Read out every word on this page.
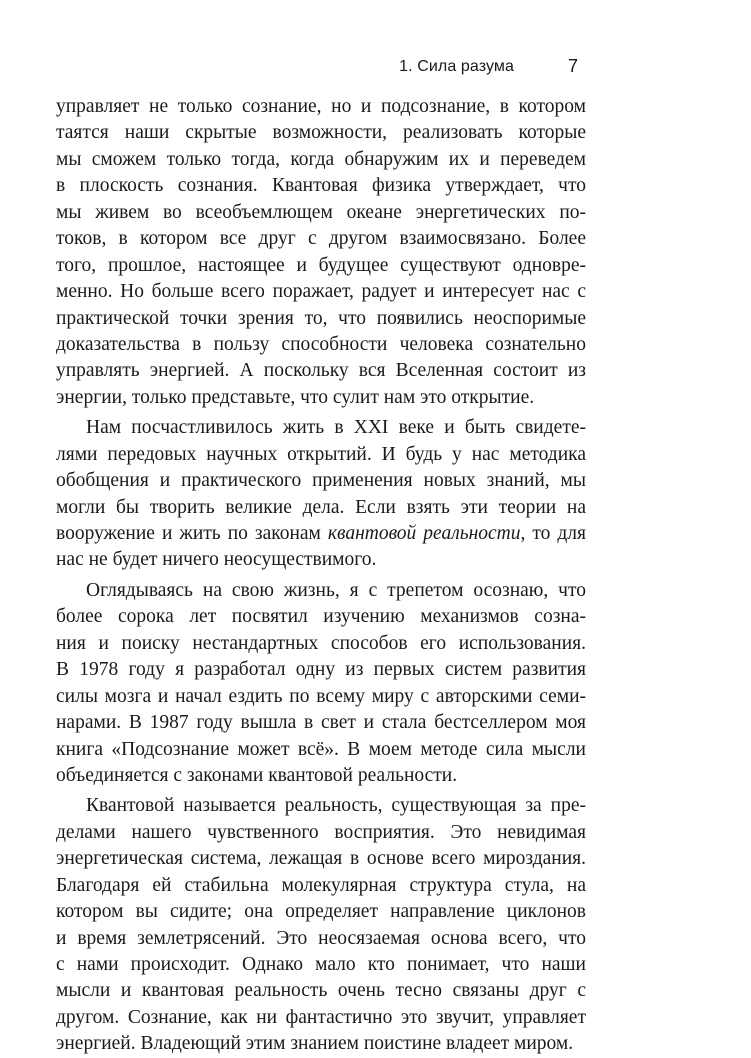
1. Сила разума	7

управляет не только сознание, но и подсознание, в котором
таятся наши скрытые возможности, реализовать которые
мы сможем только тогда, когда обнаружим их и переведем
в плоскость сознания. Квантовая физика утверждает, что
мы живем во всеобъемлющем океане энергетических по-
токов, в котором все друг с другом взаимосвязано. Более
того, прошлое, настоящее и будущее существуют одновре-
менно. Но больше всего поражает, радует и интересует нас с
практической точки зрения то, что появились неоспоримые
доказательства в пользу способности человека сознательно
управлять энергией. А поскольку вся Вселенная состоит из
энергии, только представьте, что сулит нам это открытие.

Нам посчастливилось жить в XXI веке и быть свидете-
лями передовых научных открытий. И будь у нас методика
обобщения и практического применения новых знаний, мы
могли бы творить великие дела. Если взять эти теории на
вооружение и жить по законам квантовой реальности, то для
нас не будет ничего неосуществимого.

Оглядываясь на свою жизнь, я с трепетом осознаю, что
более сорока лет посвятил изучению механизмов созна-
ния и поиску нестандартных способов его использования.
В 1978 году я разработал одну из первых систем развития
силы мозга и начал ездить по всему миру с авторскими семи-
нарами. В 1987 году вышла в свет и стала бестселлером моя
книга «Подсознание может всё». В моем методе сила мысли
объединяется с законами квантовой реальности.

Квантовой называется реальность, существующая за пре-
делами нашего чувственного восприятия. Это невидимая
энергетическая система, лежащая в основе всего мироздания.
Благодаря ей стабильна молекулярная структура стула, на
котором вы сидите; она определяет направление циклонов
и время землетрясений. Это неосязаемая основа всего, что
с нами происходит. Однако мало кто понимает, что наши
мысли и квантовая реальность очень тесно связаны друг с
другом. Сознание, как ни фантастично это звучит, управляет
энергией. Владеющий этим знанием поистине владеет миром.
